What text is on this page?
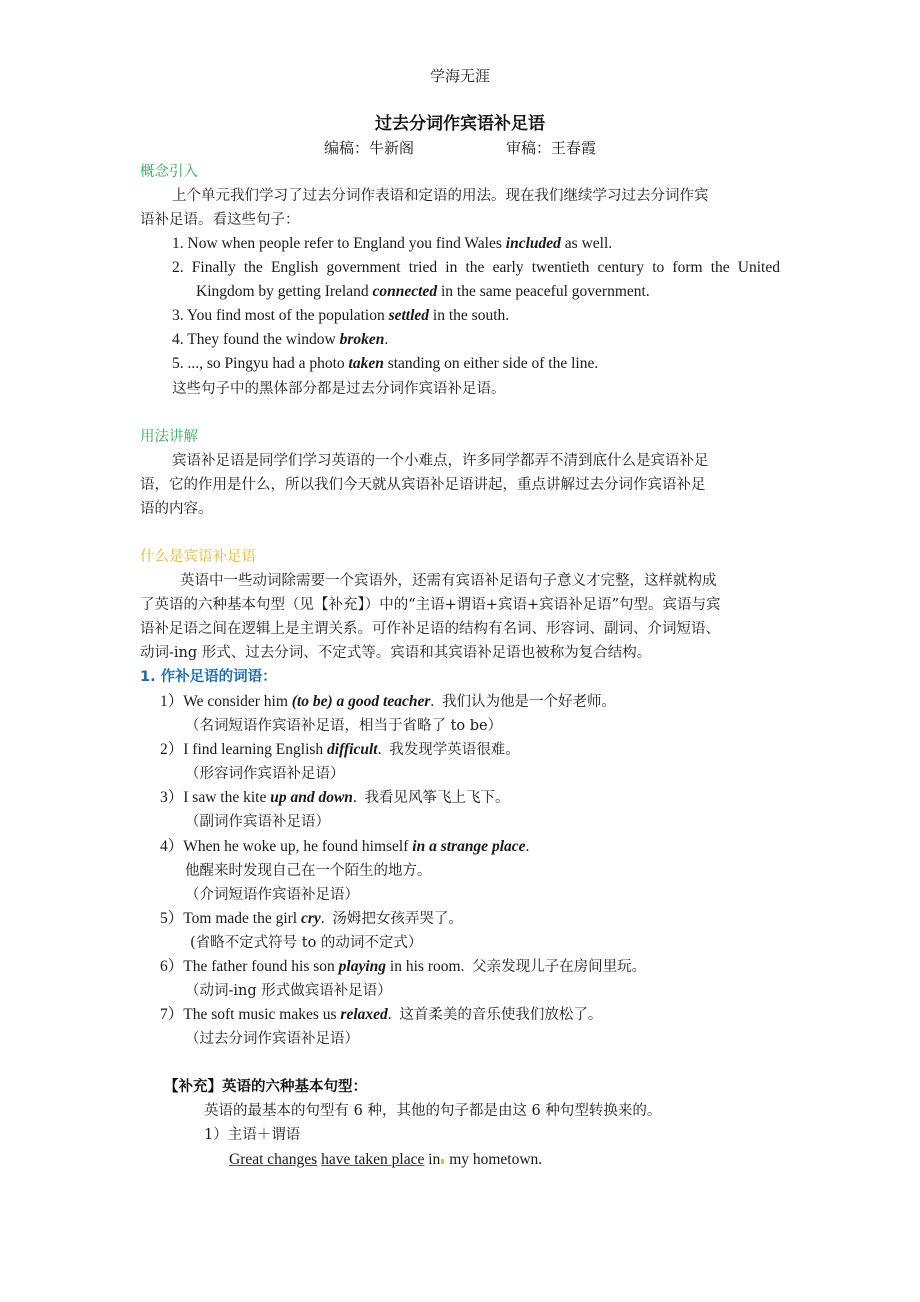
学海无涯
过去分词作宾语补足语
编稿：牛新阁	审稿：王春霞
概念引入
上个单元我们学习了过去分词作表语和定语的用法。现在我们继续学习过去分词作宾
语补足语。看这些句子：
1. Now when people refer to England you find Wales included as well.
2. Finally the English government tried in the early twentieth century to form the United
Kingdom by getting Ireland connected in the same peaceful government.
3. You find most of the population settled in the south.
4. They found the window broken.
5. ..., so Pingyu had a photo taken standing on either side of the line.
这些句子中的黑体部分都是过去分词作宾语补足语。
用法讲解
宾语补足语是同学们学习英语的一个小难点，许多同学都弄不清到底什么是宾语补足
语，它的作用是什么，所以我们今天就从宾语补足语讲起，重点讲解过去分词作宾语补足
语的内容。
什么是宾语补足语
英语中一些动词除需要一个宾语外，还需有宾语补足语句子意义才完整，这样就构成
了英语的六种基本句型（见【补充】）中的“主语+谓语+宾语+宾语补足语”句型。宾语与宾
语补足语之间在逻辑上是主谓关系。可作补足语的结构有名词、形容词、副词、介词短语、
动词-ing 形式、过去分词、不定式等。宾语和其宾语补足语也被称为复合结构。
1. 作补足语的词语：
1）We consider him (to be) a good teacher. 我们认为他是一个好老师。
（名词短语作宾语补足语，相当于省略了 to be）
2）I find learning English difficult. 我发现学英语很难。
（形容词作宾语补足语）
3）I saw the kite up and down. 我看见风筝飞上飞下。
（副词作宾语补足语）
4）When he woke up, he found himself in a strange place.
他醒来时发现自己在一个陌生的地方。
（介词短语作宾语补足语）
5）Tom made the girl cry. 汤姆把女孩弄哭了。
(省略不定式符号 to 的动词不定式）
6）The father found his son playing in his room. 父亲发现儿子在房间里玩。
（动词-ing 形式做宾语补足语）
7）The soft music makes us relaxed. 这首柔美的音乐使我们放松了。
（过去分词作宾语补足语）
【补充】英语的六种基本句型：
英语的最基本的句型有 6 种，其他的句子都是由这 6 种句型转换来的。
1）主语＋谓语
Great changes have taken place in my hometown.
